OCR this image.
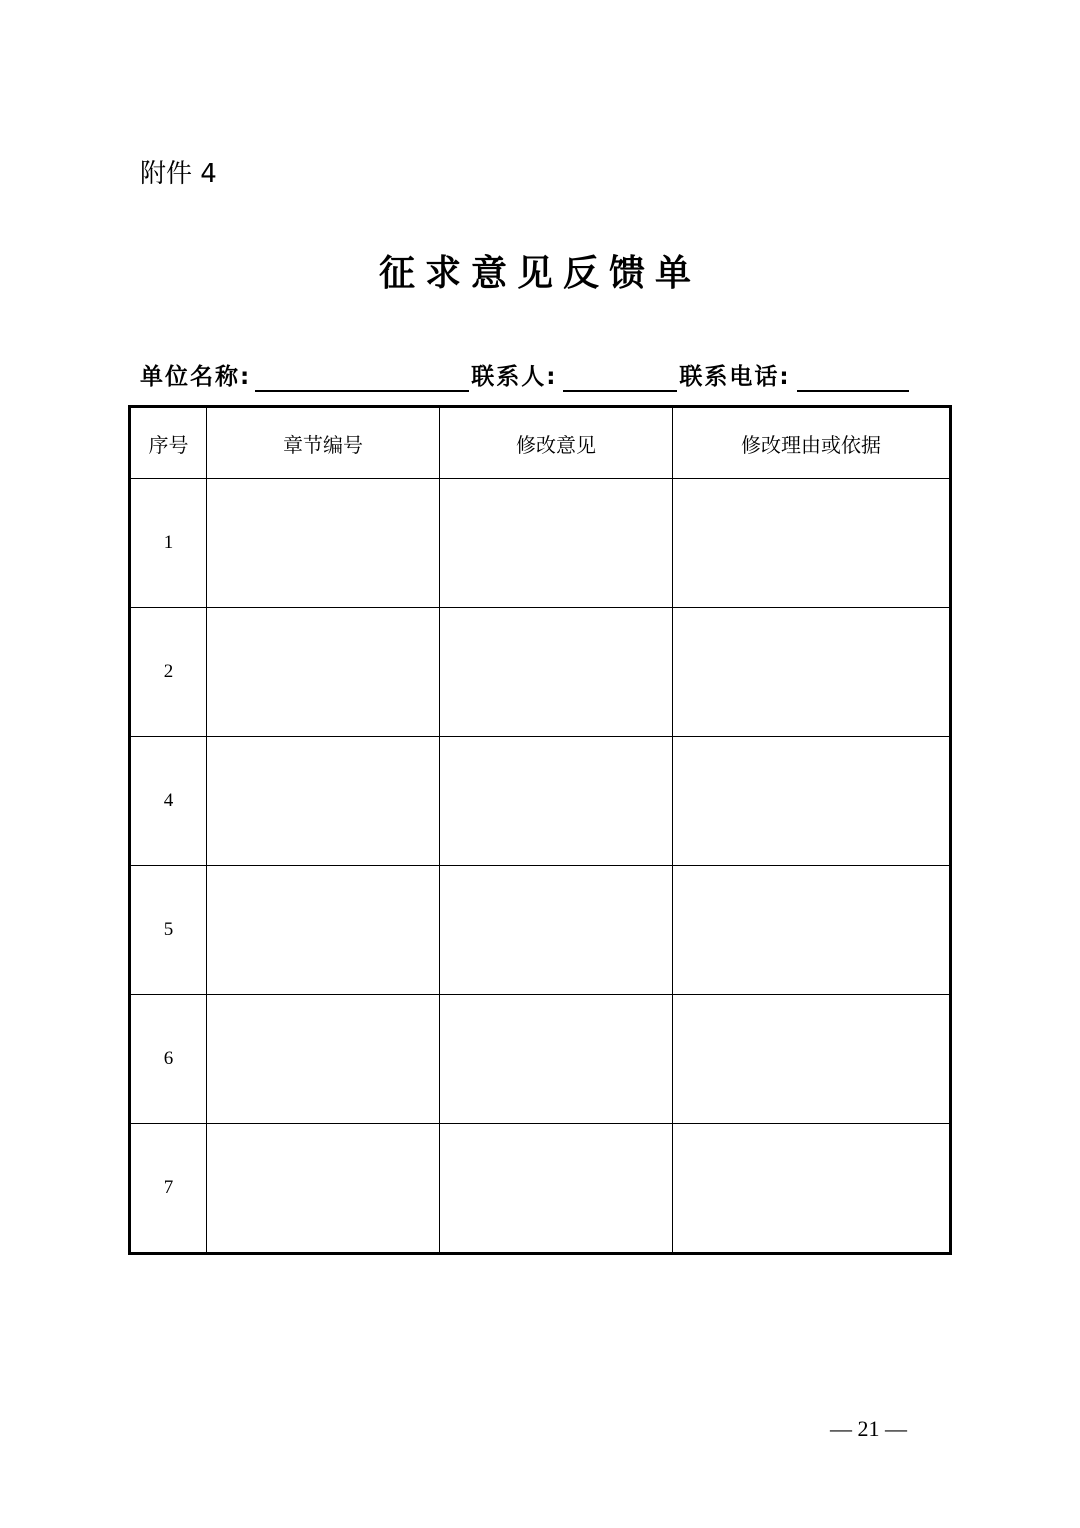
附件 4
征求意见反馈单
单位名称:	联系人:	联系电话:
序号	章节编号	修改意见	修改理由或依据
1			
2			
4			
5			
6			
7			
— 21 —
